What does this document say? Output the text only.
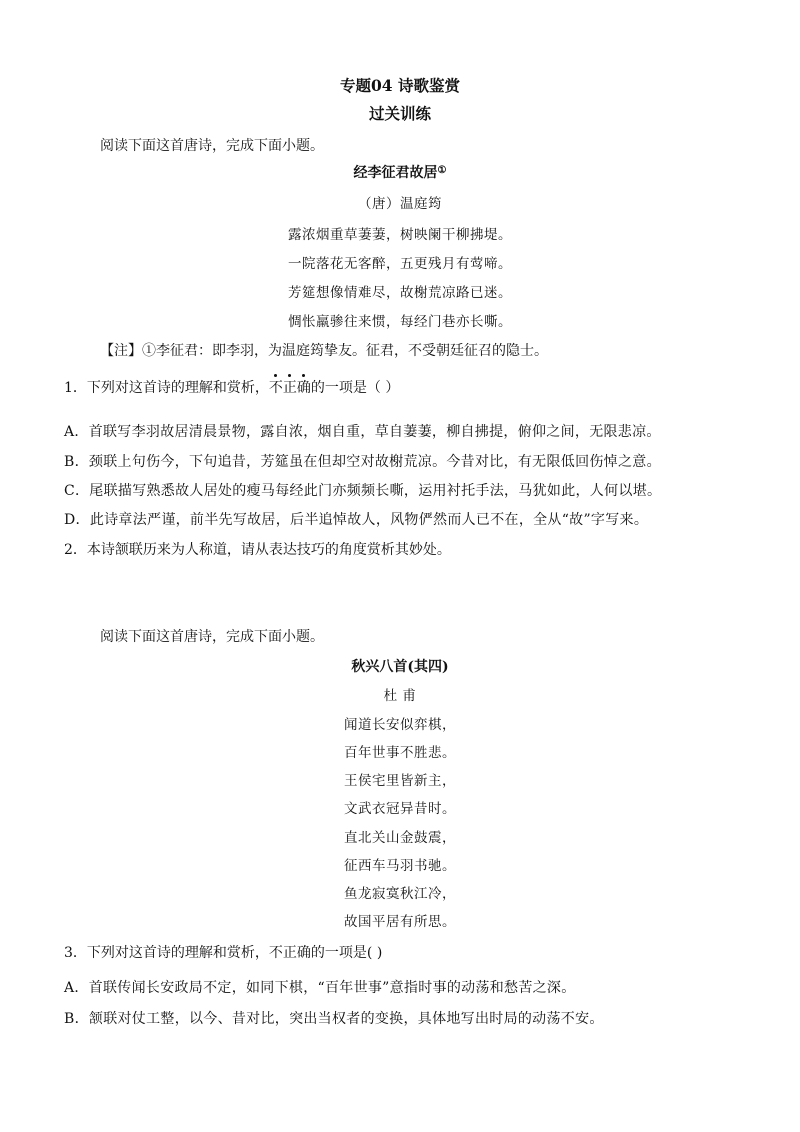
专题04 诗歌鉴赏
过关训练
阅读下面这首唐诗，完成下面小题。
经李征君故居①
（唐）温庭筠
露浓烟重草萋萋，树映阑干柳拂堤。
一院落花无客醉，五更残月有莺啼。
芳筵想像情难尽，故榭荒凉路已迷。
惆怅羸骖往来惯，每经门巷亦长嘶。
【注】①李征君：即李羽，为温庭筠挚友。征君，不受朝廷征召的隐士。
1．下列对这首诗的理解和赏析，不正确的一项是（ ）
A．首联写李羽故居清晨景物，露自浓，烟自重，草自萋萋，柳自拂提，俯仰之间，无限悲凉。
B．颈联上句伤今，下句追昔，芳筵虽在但却空对故榭荒凉。今昔对比，有无限低回伤悼之意。
C．尾联描写熟悉故人居处的瘦马每经此门亦频频长嘶，运用衬托手法，马犹如此，人何以堪。
D．此诗章法严谨，前半先写故居，后半追悼故人，风物俨然而人已不在，全从“故”字写来。
2．本诗颔联历来为人称道，请从表达技巧的角度赏析其妙处。
阅读下面这首唐诗，完成下面小题。
秋兴八首(其四)
杜 甫
闻道长安似弈棋，
百年世事不胜悲。
王侯宅里皆新主，
文武衣冠异昔时。
直北关山金鼓震，
征西车马羽书驰。
鱼龙寂寞秋江冷，
故国平居有所思。
3．下列对这首诗的理解和赏析，不正确的一项是( )
A．首联传闻长安政局不定，如同下棋，“百年世事”意指时事的动荡和愁苦之深。
B．颔联对仗工整，以今、昔对比，突出当权者的变换，具体地写出时局的动荡不安。
